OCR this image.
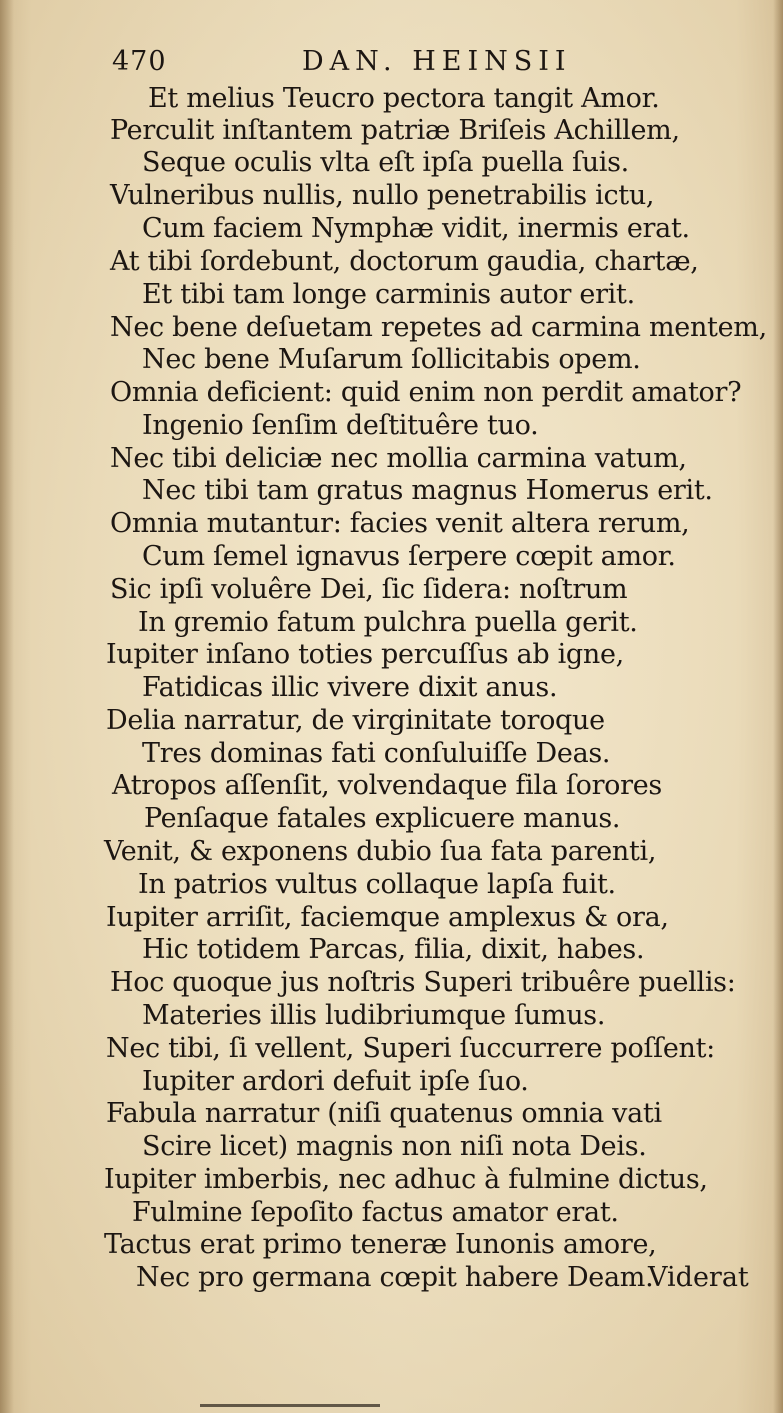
470	DAN. HEINSII
Et melius Teucro pectora tangit Amor.
Perculit inſtantem patriæ Briſeis Achillem,
Seque oculis vlta eſt ipſa puella ſuis.
Vulneribus nullis, nullo penetrabilis ictu,
Cum faciem Nymphæ vidit, inermis erat.
At tibi ſordebunt, doctorum gaudia, chartæ,
Et tibi tam longe carminis autor erit.
Nec bene deſuetam repetes ad carmina mentem,
Nec bene Muſarum ſollicitabis opem.
Omnia deficient: quid enim non perdit amator?
Ingenio ſenſim deſtituêre tuo.
Nec tibi deliciæ nec mollia carmina vatum,
Nec tibi tam gratus magnus Homerus erit.
Omnia mutantur: facies venit altera rerum,
Cum ſemel ignavus ſerpere cœpit amor.
Sic ipſi voluêre Dei, ſic ſidera: noſtrum
In gremio fatum pulchra puella gerit.
Iupiter inſano toties percuſſus ab igne,
Fatidicas illic vivere dixit anus.
Delia narratur, de virginitate toroque
Tres dominas fati conſuluiſſe Deas.
Atropos aſſenſit, volvendaque fila ſorores
Penſaque fatales explicuere manus.
Venit, & exponens dubio ſua fata parenti,
In patrios vultus collaque lapſa fuit.
Iupiter arriſit, faciemque amplexus & ora,
Hic totidem Parcas, filia, dixit, habes.
Hoc quoque jus noſtris Superi tribuêre puellis:
Materies illis ludibriumque ſumus.
Nec tibi, ſi vellent, Superi ſuccurrere poſſent:
Iupiter ardori defuit ipſe ſuo.
Fabula narratur (niſi quatenus omnia vati
Scire licet) magnis non niſi nota Deis.
Iupiter imberbis, nec adhuc à fulmine dictus,
Fulmine ſepoſito factus amator erat.
Tactus erat primo teneræ Iunonis amore,
Nec pro germana cœpit habere Deam.
Viderat
